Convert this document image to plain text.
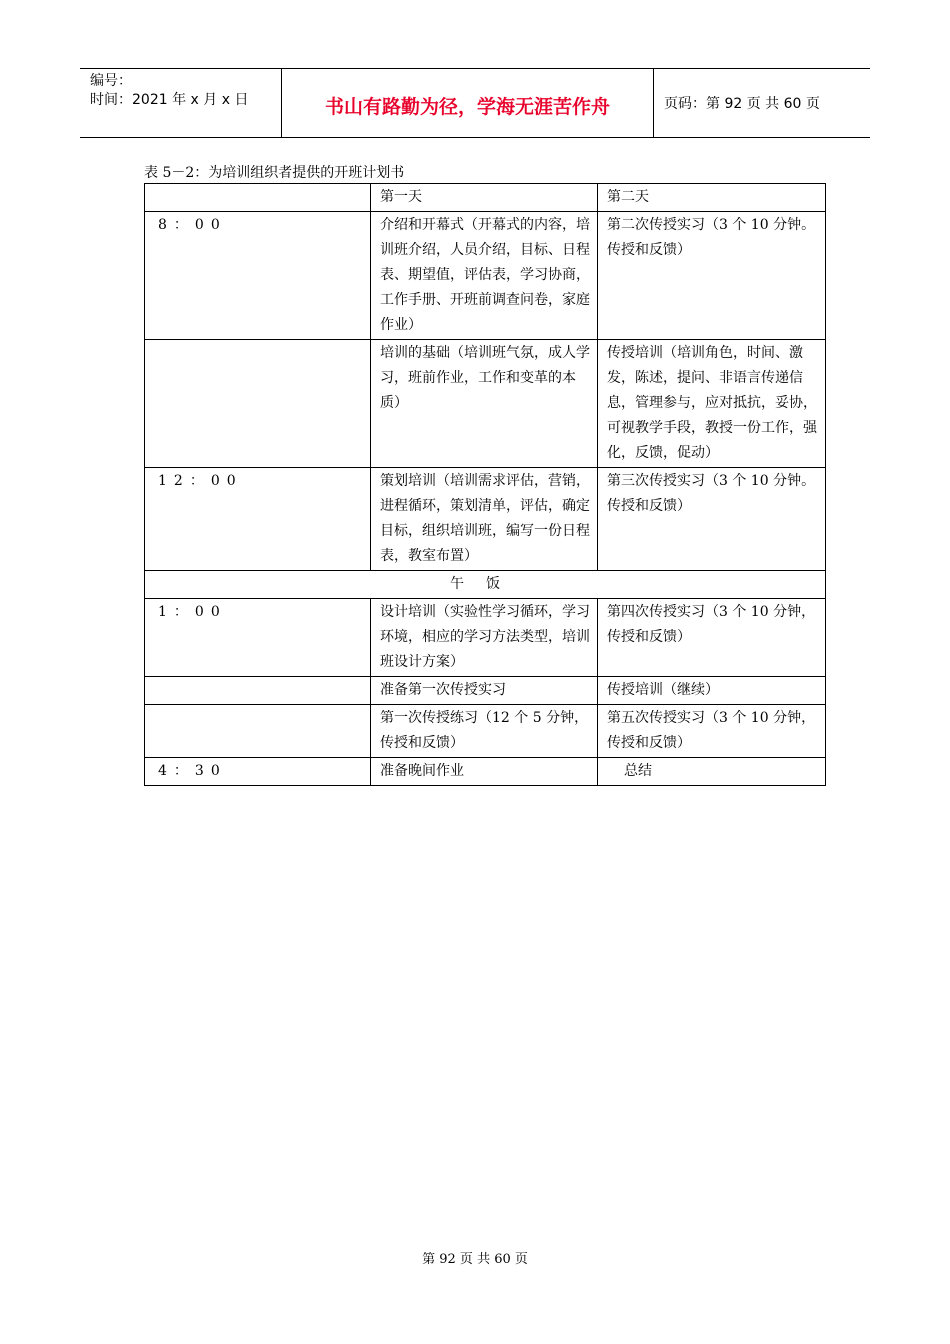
编号：
时间：2021 年 x 月 x 日	书山有路勤为径，学海无涯苦作舟	页码：第 92 页 共 60 页
表 5－2：为培训组织者提供的开班计划书
	第一天	第二天
8：00	介绍和开幕式（开幕式的内容，培训班介绍，人员介绍，目标、日程表、期望值，评估表，学习协商，工作手册、开班前调查问卷，家庭作业）	第二次传授实习（3 个 10 分钟。传授和反馈）
	培训的基础（培训班气氛，成人学习，班前作业，工作和变革的本质）	传授培训（培训角色，时间、激发，陈述，提问、非语言传递信息，管理参与，应对抵抗，妥协，可视教学手段，教授一份工作，强化，反馈，促动）
12：00	策划培训（培训需求评估，营销，进程循环，策划清单，评估，确定目标，组织培训班，编写一份日程表，教室布置）	第三次传授实习（3 个 10 分钟。传授和反馈）
午饭		
1：00	设计培训（实验性学习循环，学习环境，相应的学习方法类型，培训班设计方案）	第四次传授实习（3 个 10 分钟，传授和反馈）
	准备第一次传授实习	传授培训（继续）
	第一次传授练习（12 个 5 分钟，传授和反馈）	第五次传授实习（3 个 10 分钟，传授和反馈）
4：30	准备晚间作业	总结
第 92 页 共 60 页
